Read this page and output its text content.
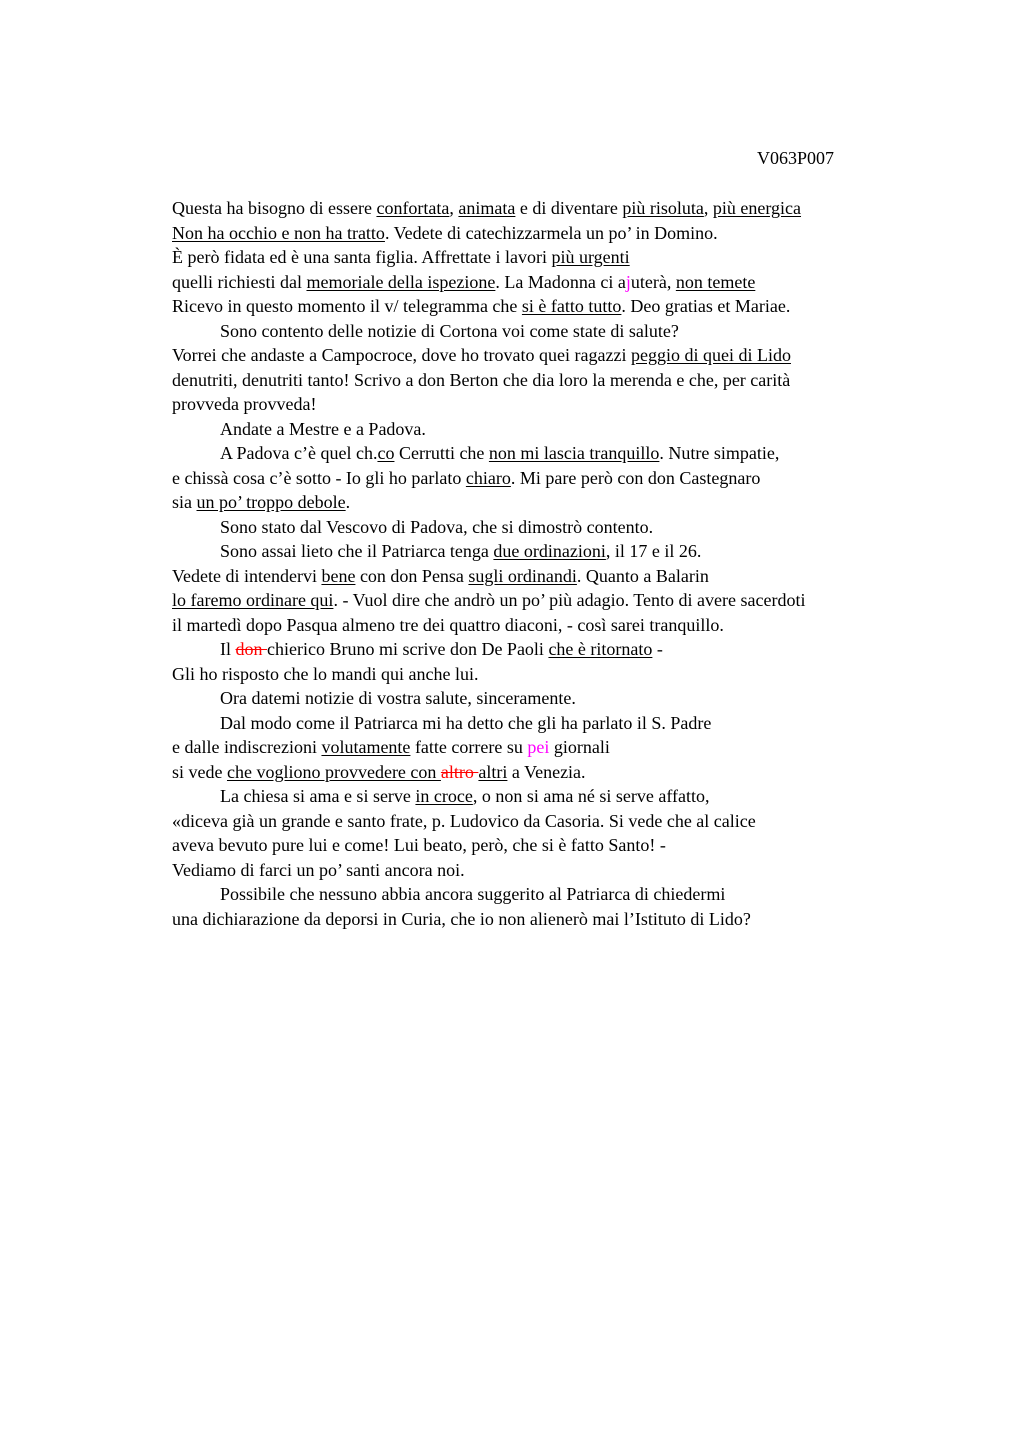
V063P007
Questa ha bisogno di essere confortata, animata e di diventare più risoluta, più energica
Non ha occhio e non ha tratto. Vedete di catechizzarmela un po’ in Domino.
È però fidata ed è una santa figlia. Affrettate i lavori più urgenti
quelli richiesti dal memoriale della ispezione. La Madonna ci ajuterà, non temete
Ricevo in questo momento il v/ telegramma che si è fatto tutto. Deo gratias et Mariae.
Sono contento delle notizie di Cortona voi come state di salute?
Vorrei che andaste a Campocroce, dove ho trovato quei ragazzi peggio di quei di Lido
denutriti, denutriti tanto! Scrivo a don Berton che dia loro la merenda e che, per carità
provveda provveda!
Andate a Mestre e a Padova.
A Padova c’è quel ch.co Cerrutti che non mi lascia tranquillo. Nutre simpatie,
e chissà cosa c’è sotto - Io gli ho parlato chiaro. Mi pare però con don Castegnaro
sia un po’ troppo debole.
Sono stato dal Vescovo di Padova, che si dimostrò contento.
Sono assai lieto che il Patriarca tenga due ordinazioni, il 17 e il 26.
Vedete di intendervi bene con don Pensa sugli ordinandi. Quanto a Balarin
lo faremo ordinare qui. - Vuol dire che andrò un po’ più adagio. Tento di avere sacerdoti
il martedì dopo Pasqua almeno tre dei quattro diaconi, - così sarei tranquillo.
Il don chierico Bruno mi scrive don De Paoli che è ritornato -
Gli ho risposto che lo mandi qui anche lui.
Ora datemi notizie di vostra salute, sinceramente.
Dal modo come il Patriarca mi ha detto che gli ha parlato il S. Padre
e dalle indiscrezioni volutamente fatte correre su pei giornali
si vede che vogliono provvedere con altro altri a Venezia.
La chiesa si ama e si serve in croce, o non si ama né si serve affatto,
«diceva già un grande e santo frate, p. Ludovico da Casoria. Si vede che al calice
aveva bevuto pure lui e come! Lui beato, però, che si è fatto Santo! -
Vediamo di farci un po’ santi ancora noi.
Possibile che nessuno abbia ancora suggerito al Patriarca di chiedermi
una dichiarazione da deporsi in Curia, che io non alienerò mai l’Istituto di Lido?
